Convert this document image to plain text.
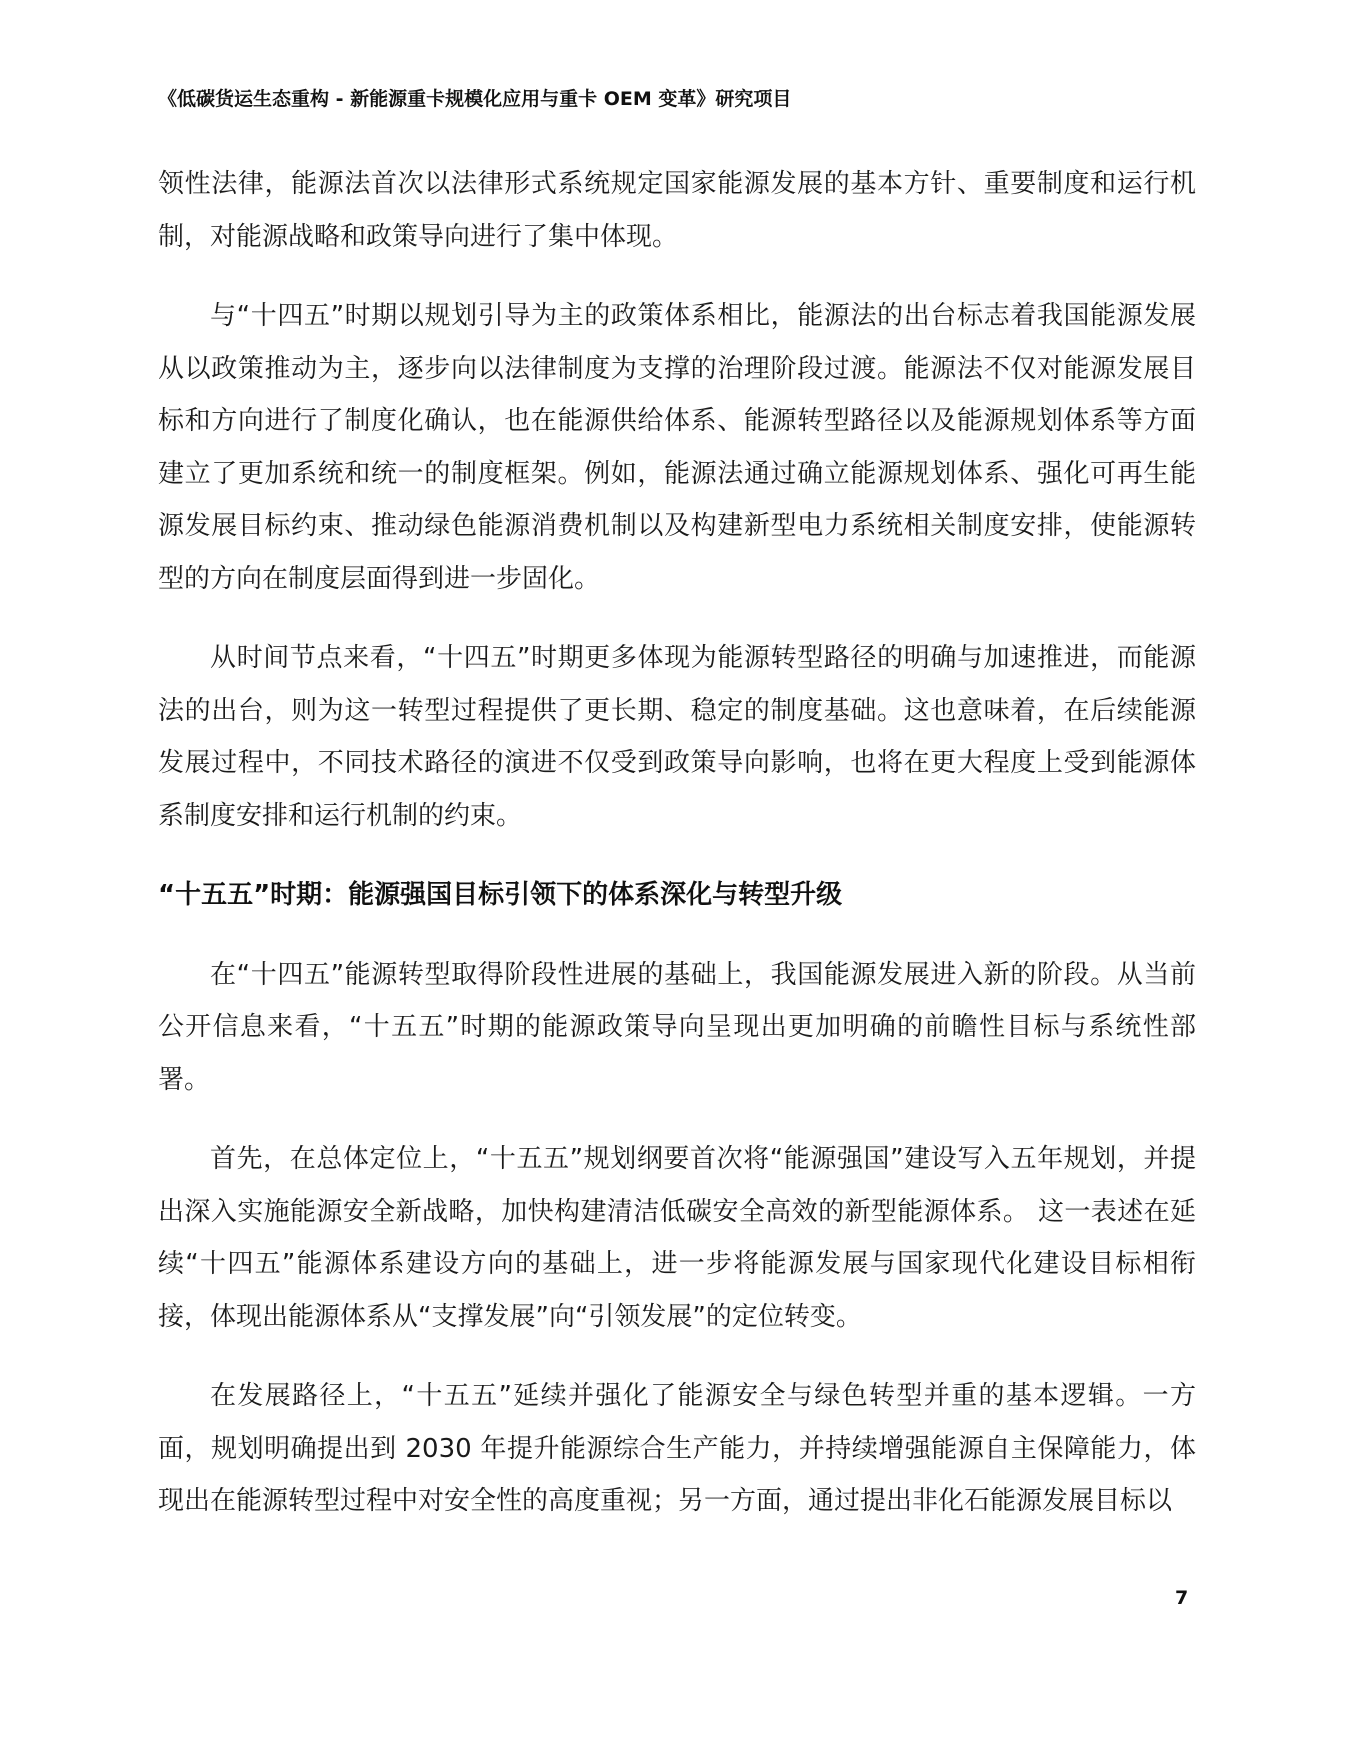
《低碳货运生态重构 - 新能源重卡规模化应用与重卡 OEM 变革》研究项目

领性法律，能源法首次以法律形式系统规定国家能源发展的基本方针、重要制度和运行机制，对能源战略和政策导向进行了集中体现。

与“十四五”时期以规划引导为主的政策体系相比，能源法的出台标志着我国能源发展从以政策推动为主，逐步向以法律制度为支撑的治理阶段过渡。能源法不仅对能源发展目标和方向进行了制度化确认，也在能源供给体系、能源转型路径以及能源规划体系等方面建立了更加系统和统一的制度框架。例如，能源法通过确立能源规划体系、强化可再生能源发展目标约束、推动绿色能源消费机制以及构建新型电力系统相关制度安排，使能源转型的方向在制度层面得到进一步固化。

从时间节点来看，“十四五”时期更多体现为能源转型路径的明确与加速推进，而能源法的出台，则为这一转型过程提供了更长期、稳定的制度基础。这也意味着，在后续能源发展过程中，不同技术路径的演进不仅受到政策导向影响，也将在更大程度上受到能源体系制度安排和运行机制的约束。

“十五五”时期：能源强国目标引领下的体系深化与转型升级

在“十四五”能源转型取得阶段性进展的基础上，我国能源发展进入新的阶段。从当前公开信息来看，“十五五”时期的能源政策导向呈现出更加明确的前瞻性目标与系统性部署。

首先，在总体定位上，“十五五”规划纲要首次将“能源强国”建设写入五年规划，并提出深入实施能源安全新战略，加快构建清洁低碳安全高效的新型能源体系。 这一表述在延续“十四五”能源体系建设方向的基础上，进一步将能源发展与国家现代化建设目标相衔接，体现出能源体系从“支撑发展”向“引领发展”的定位转变。

在发展路径上，“十五五”延续并强化了能源安全与绿色转型并重的基本逻辑。一方面，规划明确提出到 2030 年提升能源综合生产能力，并持续增强能源自主保障能力，体现出在能源转型过程中对安全性的高度重视；另一方面，通过提出非化石能源发展目标以

7
